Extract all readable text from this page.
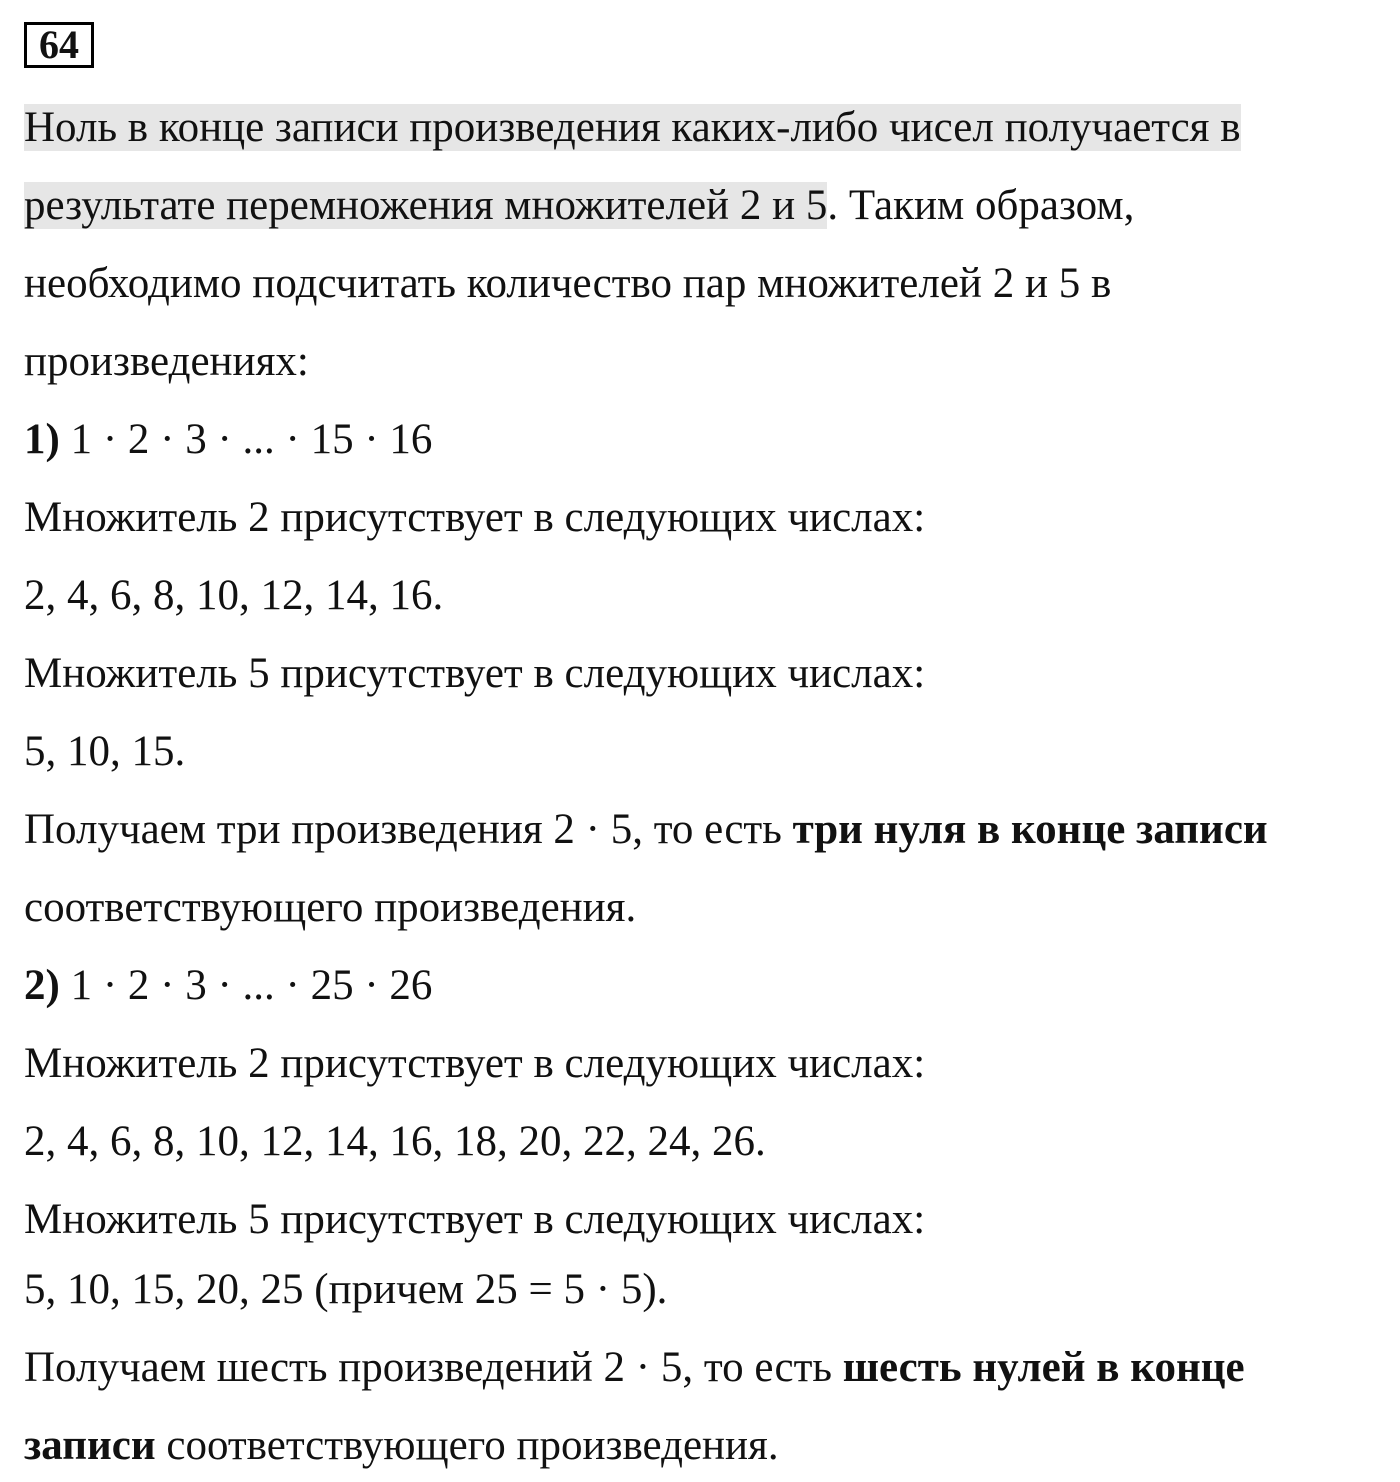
64
Ноль в конце записи произведения каких-либо чисел получается в
результате перемножения множителей 2 и 5. Таким образом,
необходимо подсчитать количество пар множителей 2 и 5 в
произведениях:
1) 1 · 2 · 3 · ... · 15 · 16
Множитель 2 присутствует в следующих числах:
2, 4, 6, 8, 10, 12, 14, 16.
Множитель 5 присутствует в следующих числах:
5, 10, 15.
Получаем три произведения 2 · 5, то есть три нуля в конце записи
соответствующего произведения.
2) 1 · 2 · 3 · ... · 25 · 26
Множитель 2 присутствует в следующих числах:
2, 4, 6, 8, 10, 12, 14, 16, 18, 20, 22, 24, 26.
Множитель 5 присутствует в следующих числах:
5, 10, 15, 20, 25 (причем 25 = 5 · 5).
Получаем шесть произведений 2 · 5, то есть шесть нулей в конце
записи соответствующего произведения.
